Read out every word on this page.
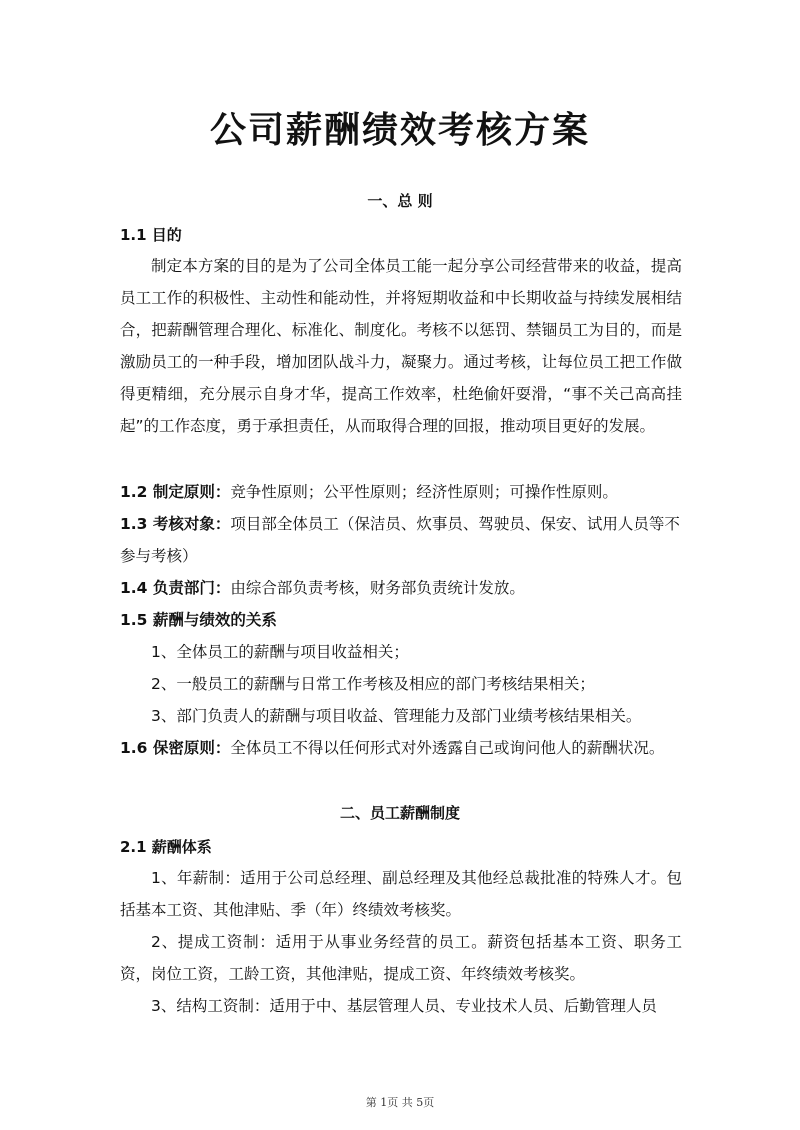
公司薪酬绩效考核方案
一、总 则
1.1 目的

制定本方案的目的是为了公司全体员工能一起分享公司经营带来的收益，提高员工工作的积极性、主动性和能动性，并将短期收益和中长期收益与持续发展相结合，把薪酬管理合理化、标准化、制度化。考核不以惩罚、禁锢员工为目的，而是激励员工的一种手段，增加团队战斗力，凝聚力。通过考核，让每位员工把工作做得更精细，充分展示自身才华，提高工作效率，杜绝偷奸耍滑，“事不关己高高挂起”的工作态度，勇于承担责任，从而取得合理的回报，推动项目更好的发展。

1.2 制定原则：竞争性原则；公平性原则；经济性原则；可操作性原则。

1.3 考核对象：项目部全体员工（保洁员、炊事员、驾驶员、保安、试用人员等不参与考核）

1.4 负责部门：由综合部负责考核，财务部负责统计发放。

1.5 薪酬与绩效的关系

1、全体员工的薪酬与项目收益相关；

2、一般员工的薪酬与日常工作考核及相应的部门考核结果相关；

3、部门负责人的薪酬与项目收益、管理能力及部门业绩考核结果相关。

1.6 保密原则：全体员工不得以任何形式对外透露自己或询问他人的薪酬状况。

二、员工薪酬制度
2.1 薪酬体系

1、年薪制：适用于公司总经理、副总经理及其他经总裁批准的特殊人才。包括基本工资、其他津贴、季（年）终绩效考核奖。

2、提成工资制：适用于从事业务经营的员工。薪资包括基本工资、职务工资，岗位工资，工龄工资，其他津贴，提成工资、年终绩效考核奖。

3、结构工资制：适用于中、基层管理人员、专业技术人员、后勤管理人员

第 1页 共 5页
